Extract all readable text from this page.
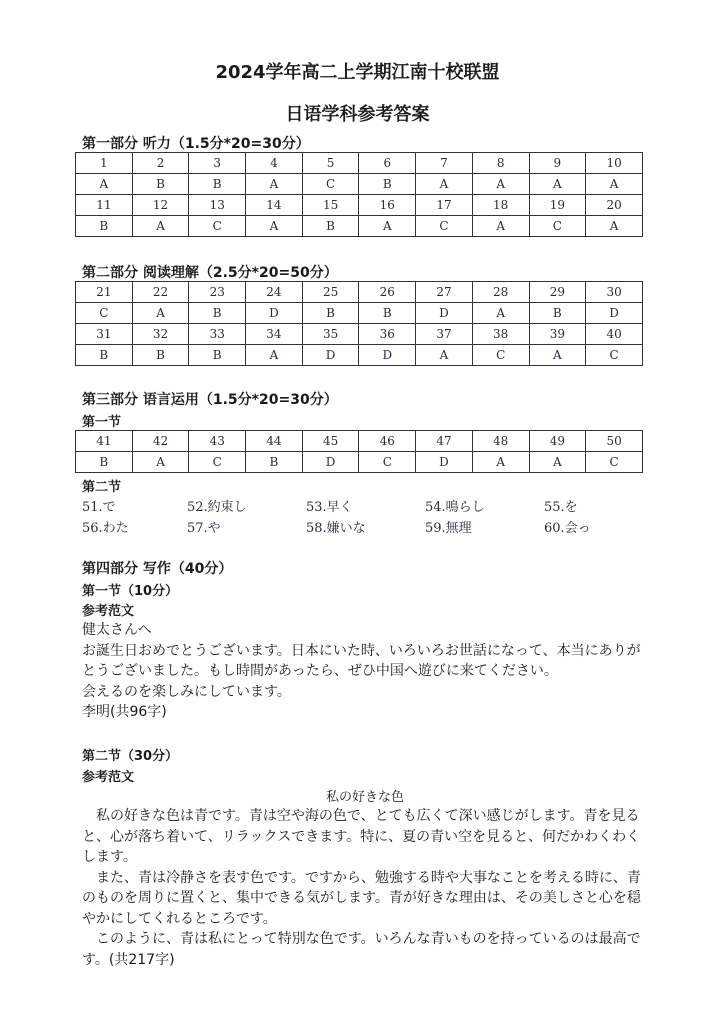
2024学年高二上学期江南十校联盟
日语学科参考答案
第一部分 听力（1.5分*20=30分）
1	2	3	4	5	6	7	8	9	10
A	B	B	A	C	B	A	A	A	A
11	12	13	14	15	16	17	18	19	20
B	A	C	A	B	A	C	A	C	A
第二部分 阅读理解（2.5分*20=50分）
21	22	23	24	25	26	27	28	29	30
C	A	B	D	B	B	D	A	B	D
31	32	33	34	35	36	37	38	39	40
B	B	B	A	D	D	A	C	A	C
第三部分 语言运用（1.5分*20=30分）
第一节
41	42	43	44	45	46	47	48	49	50
B	A	C	B	D	C	D	A	A	C
第二节
51.で	52.約束し	53.早く	54.鳴らし	55.を
56.わた	57.や	58.嫌いな	59.無理	60.会っ
第四部分 写作（40分）
第一节（10分）
参考范文
健太さんへ
お誕生日おめでとうございます。日本にいた時、いろいろお世話になって、本当にありが
とうございました。もし時間があったら、ぜひ中国へ遊びに来てください。
会えるのを楽しみにしています。
李明(共96字)
第二节（30分）
参考范文
私の好きな色
　私の好きな色は青です。青は空や海の色で、とても広くて深い感じがします。青を見る
と、心が落ち着いて、リラックスできます。特に、夏の青い空を見ると、何だかわくわく
します。
　また、青は冷静さを表す色です。ですから、勉強する時や大事なことを考える時に、青
のものを周りに置くと、集中できる気がします。青が好きな理由は、その美しさと心を穏
やかにしてくれるところです。
　このように、青は私にとって特別な色です。いろんな青いものを持っているのは最高で
す。(共217字)
